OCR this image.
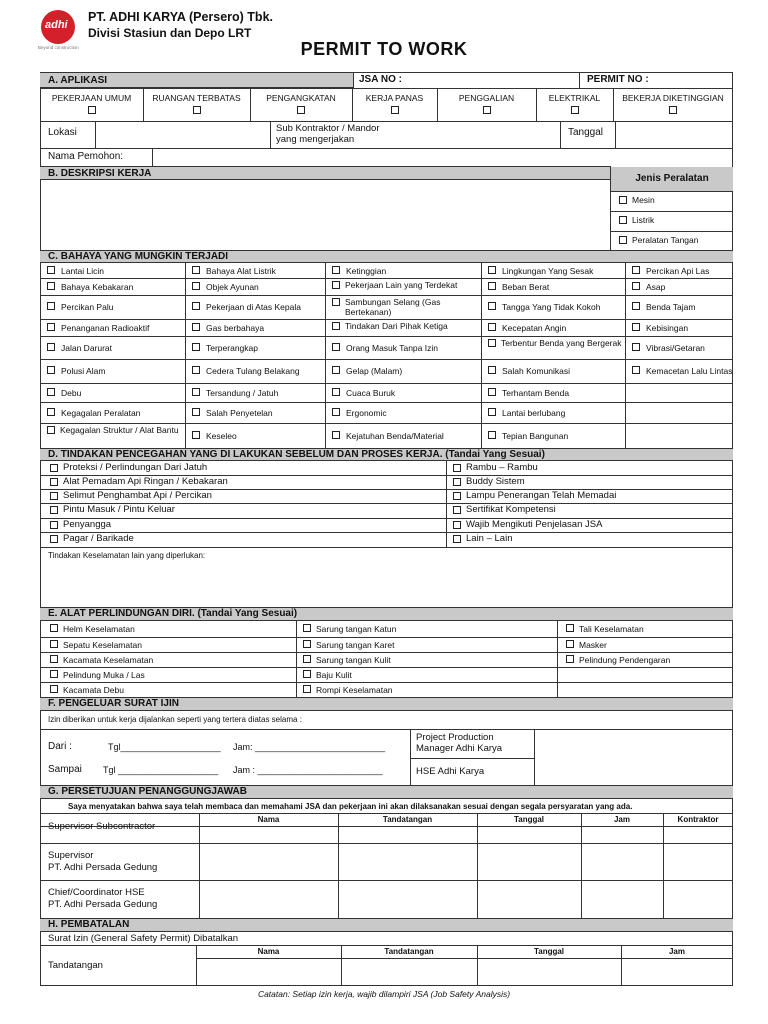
adhi
Beyond construction
PT. ADHI KARYA (Persero) Tbk.
Divisi Stasiun dan Depo LRT
PERMIT TO WORK
A. APLIKASI	JSA NO :	PERMIT NO :
Lokasi	Sub Kontraktor / Mandor
yang mengerjakan
Tanggal
Nama Pemohon:
B. DESKRIPSI KERJA	Jenis Peralatan
C. BAHAYA YANG MUNGKIN TERJADI
D. TINDAKAN PENCEGAHAN YANG DI LAKUKAN SEBELUM DAN PROSES KERJA. (Tandai Yang Sesuai)
Tindakan Keselamatan lain yang diperlukan:
E. ALAT PERLINDUNGAN DIRI. (Tandai Yang Sesuai)
F. PENGELUAR SURAT IJIN
Izin diberikan untuk kerja dijalankan seperti yang tertera diatas selama :
Dari :	Tgl____________________ Jam: __________________________
Sampai Tgl ____________________ Jam : _________________________
Project Production
Manager Adhi Karya
HSE Adhi Karya
G. PERSETUJUAN PENANGGUNGJAWAB
Saya menyatakan bahwa saya telah membaca dan memahami JSA dan pekerjaan ini akan dilaksanakan sesuai dengan segala persyaratan yang ada.
H. PEMBATALAN
Surat Izin (General Safety Permit) Dibatalkan
Catatan: Setiap izin kerja, wajib dilampiri JSA (Job Safety Analysis)
PEKERJAAN UMUM	RUANGAN TERBATAS	PENGANGKATAN	KERJA PANAS	PENGGALIAN	ELEKTRIKAL	BEKERJA DIKETINGGIAN
Mesin
Listrik
Peralatan Tangan
Lantai Licin	Bahaya Alat Listrik	Ketinggian	Lingkungan Yang Sesak	Percikan Api Las
Bahaya Kebakaran	Objek Ayunan	Pekerjaan Lain yang Terdekat	Beban Berat	Asap
Percikan Palu	Pekerjaan di Atas Kepala	Sambungan Selang (Gas Bertekanan)	Tangga Yang Tidak Kokoh	Benda Tajam
Penanganan Radioaktif	Gas berbahaya	Tindakan Dari Pihak Ketiga	Kecepatan Angin	Kebisingan
Jalan Darurat	Terperangkap	Orang Masuk Tanpa Izin	Terbentur Benda yang Bergerak	Vibrasi/Getaran
Polusi Alam	Cedera Tulang Belakang	Gelap (Malam)	Salah Komunikasi	Kemacetan Lalu Lintas
Debu	Tersandung / Jatuh	Cuaca Buruk	Terhantam Benda
Kegagalan Peralatan	Salah Penyetelan	Ergonomic	Lantai berlubang
Kegagalan Struktur / Alat Bantu
Keseleo	Kejatuhan Benda/Material	Tepian Bangunan
Proteksi / Perlindungan Dari Jatuh
Alat Pemadam Api Ringan / Kebakaran
Selimut Penghambat Api / Percikan
Pintu Masuk / Pintu Keluar
Penyangga
Pagar / Barikade
Rambu – Rambu
Buddy Sistem
Lampu Penerangan Telah Memadai
Sertifikat Kompetensi
Wajib Mengikuti Penjelasan JSA
Lain – Lain
Helm Keselamatan
Sepatu Keselamatan
Kacamata Keselamatan
Pelindung Muka / Las
Kacamata Debu
Sarung tangan Katun
Sarung tangan Karet
Sarung tangan Kulit
Baju Kulit
Rompi Keselamatan
Tali Keselamatan
Masker
Pelindung Pendengaran
Nama	Tandatangan	Tanggal	Jam	Kontraktor
Supervisor Subcontractor
Supervisor
PT. Adhi Persada Gedung
Chief/Coordinator HSE
PT. Adhi Persada Gedung
Nama	Tandatangan	Tanggal	Jam
Tandatangan
